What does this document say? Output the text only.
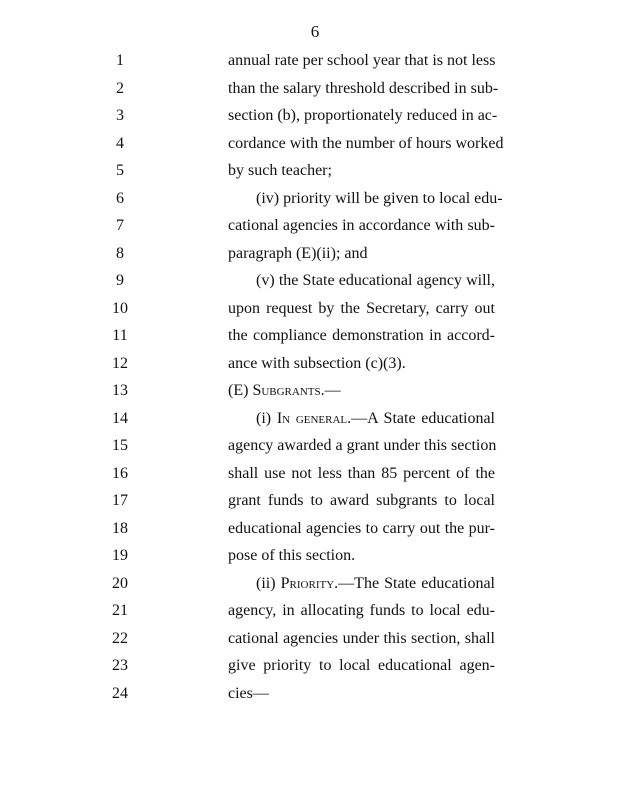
6
1	annual rate per school year that is not less
2	than the salary threshold described in sub-
3	section (b), proportionately reduced in ac-
4	cordance with the number of hours worked
5	by such teacher;
6	(iv) priority will be given to local edu-
7	cational agencies in accordance with sub-
8	paragraph (E)(ii); and
9	(v) the State educational agency will,
10	upon request by the Secretary, carry out
11	the compliance demonstration in accord-
12	ance with subsection (c)(3).
13	(E) Subgrants.—
14	(i) In general.—A State educational
15	agency awarded a grant under this section
16	shall use not less than 85 percent of the
17	grant funds to award subgrants to local
18	educational agencies to carry out the pur-
19	pose of this section.
20	(ii) Priority.—The State educational
21	agency, in allocating funds to local edu-
22	cational agencies under this section, shall
23	give priority to local educational agen-
24	cies—
